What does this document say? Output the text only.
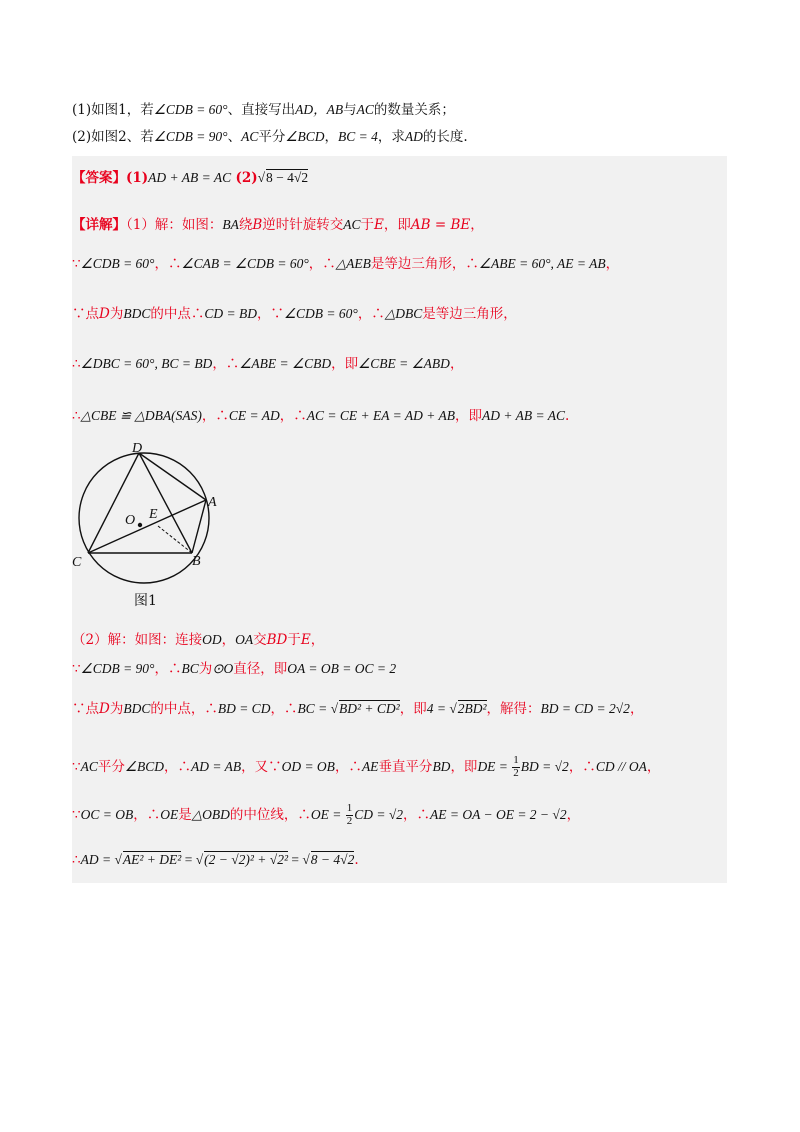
(1)如图1，若∠CDB = 60°、直接写出AD，AB与AC的数量关系；
(2)如图2、若∠CDB = 90°、AC平分∠BCD，BC = 4，求AD的长度.
【答案】(1)AD + AB = AC (2)√8 − 4√2
【详解】（1）解：如图：BA绕B逆时针旋转交AC于E，即AB = BE，
∵∠CDB = 60°，∴∠CAB = ∠CDB = 60°，∴△AEB是等边三角形，∴∠ABE = 60°, AE = AB，
∵点D为BDC的中点∴CD = BD，∵∠CDB = 60°，∴△DBC是等边三角形，
∴∠DBC = 60°, BC = BD，∴∠ABE = ∠CBD，即∠CBE = ∠ABD，
∴△CBE ≌ △DBA(SAS)，∴CE = AD，∴AC = CE + EA = AD + AB，即AD + AB = AC.
D
A
O E
C	B
图1
（2）解：如图：连接OD，OA交BD于E，
∵∠CDB = 90°，∴BC为⊙O直径，即OA = OB = OC = 2
∵点D为BDC的中点，∴BD = CD，∴BC = √BD² + CD²，即4 = √2BD²，解得：BD = CD = 2√2，
∵AC平分∠BCD，∴AD = AB，又∵OD = OB，∴AE垂直平分BD，即DE = $\frac{1}{2}$ BD = √2，∴CD // OA，
∵OC = OB，∴OE是△OBD的中位线，∴OE = $\frac{1}{2}$ CD = √2，∴AE = OA − OE = 2 − √2，
∴AD = √AE² + DE² = √(2 − √2)² + √2² = √8 − 4√2.
